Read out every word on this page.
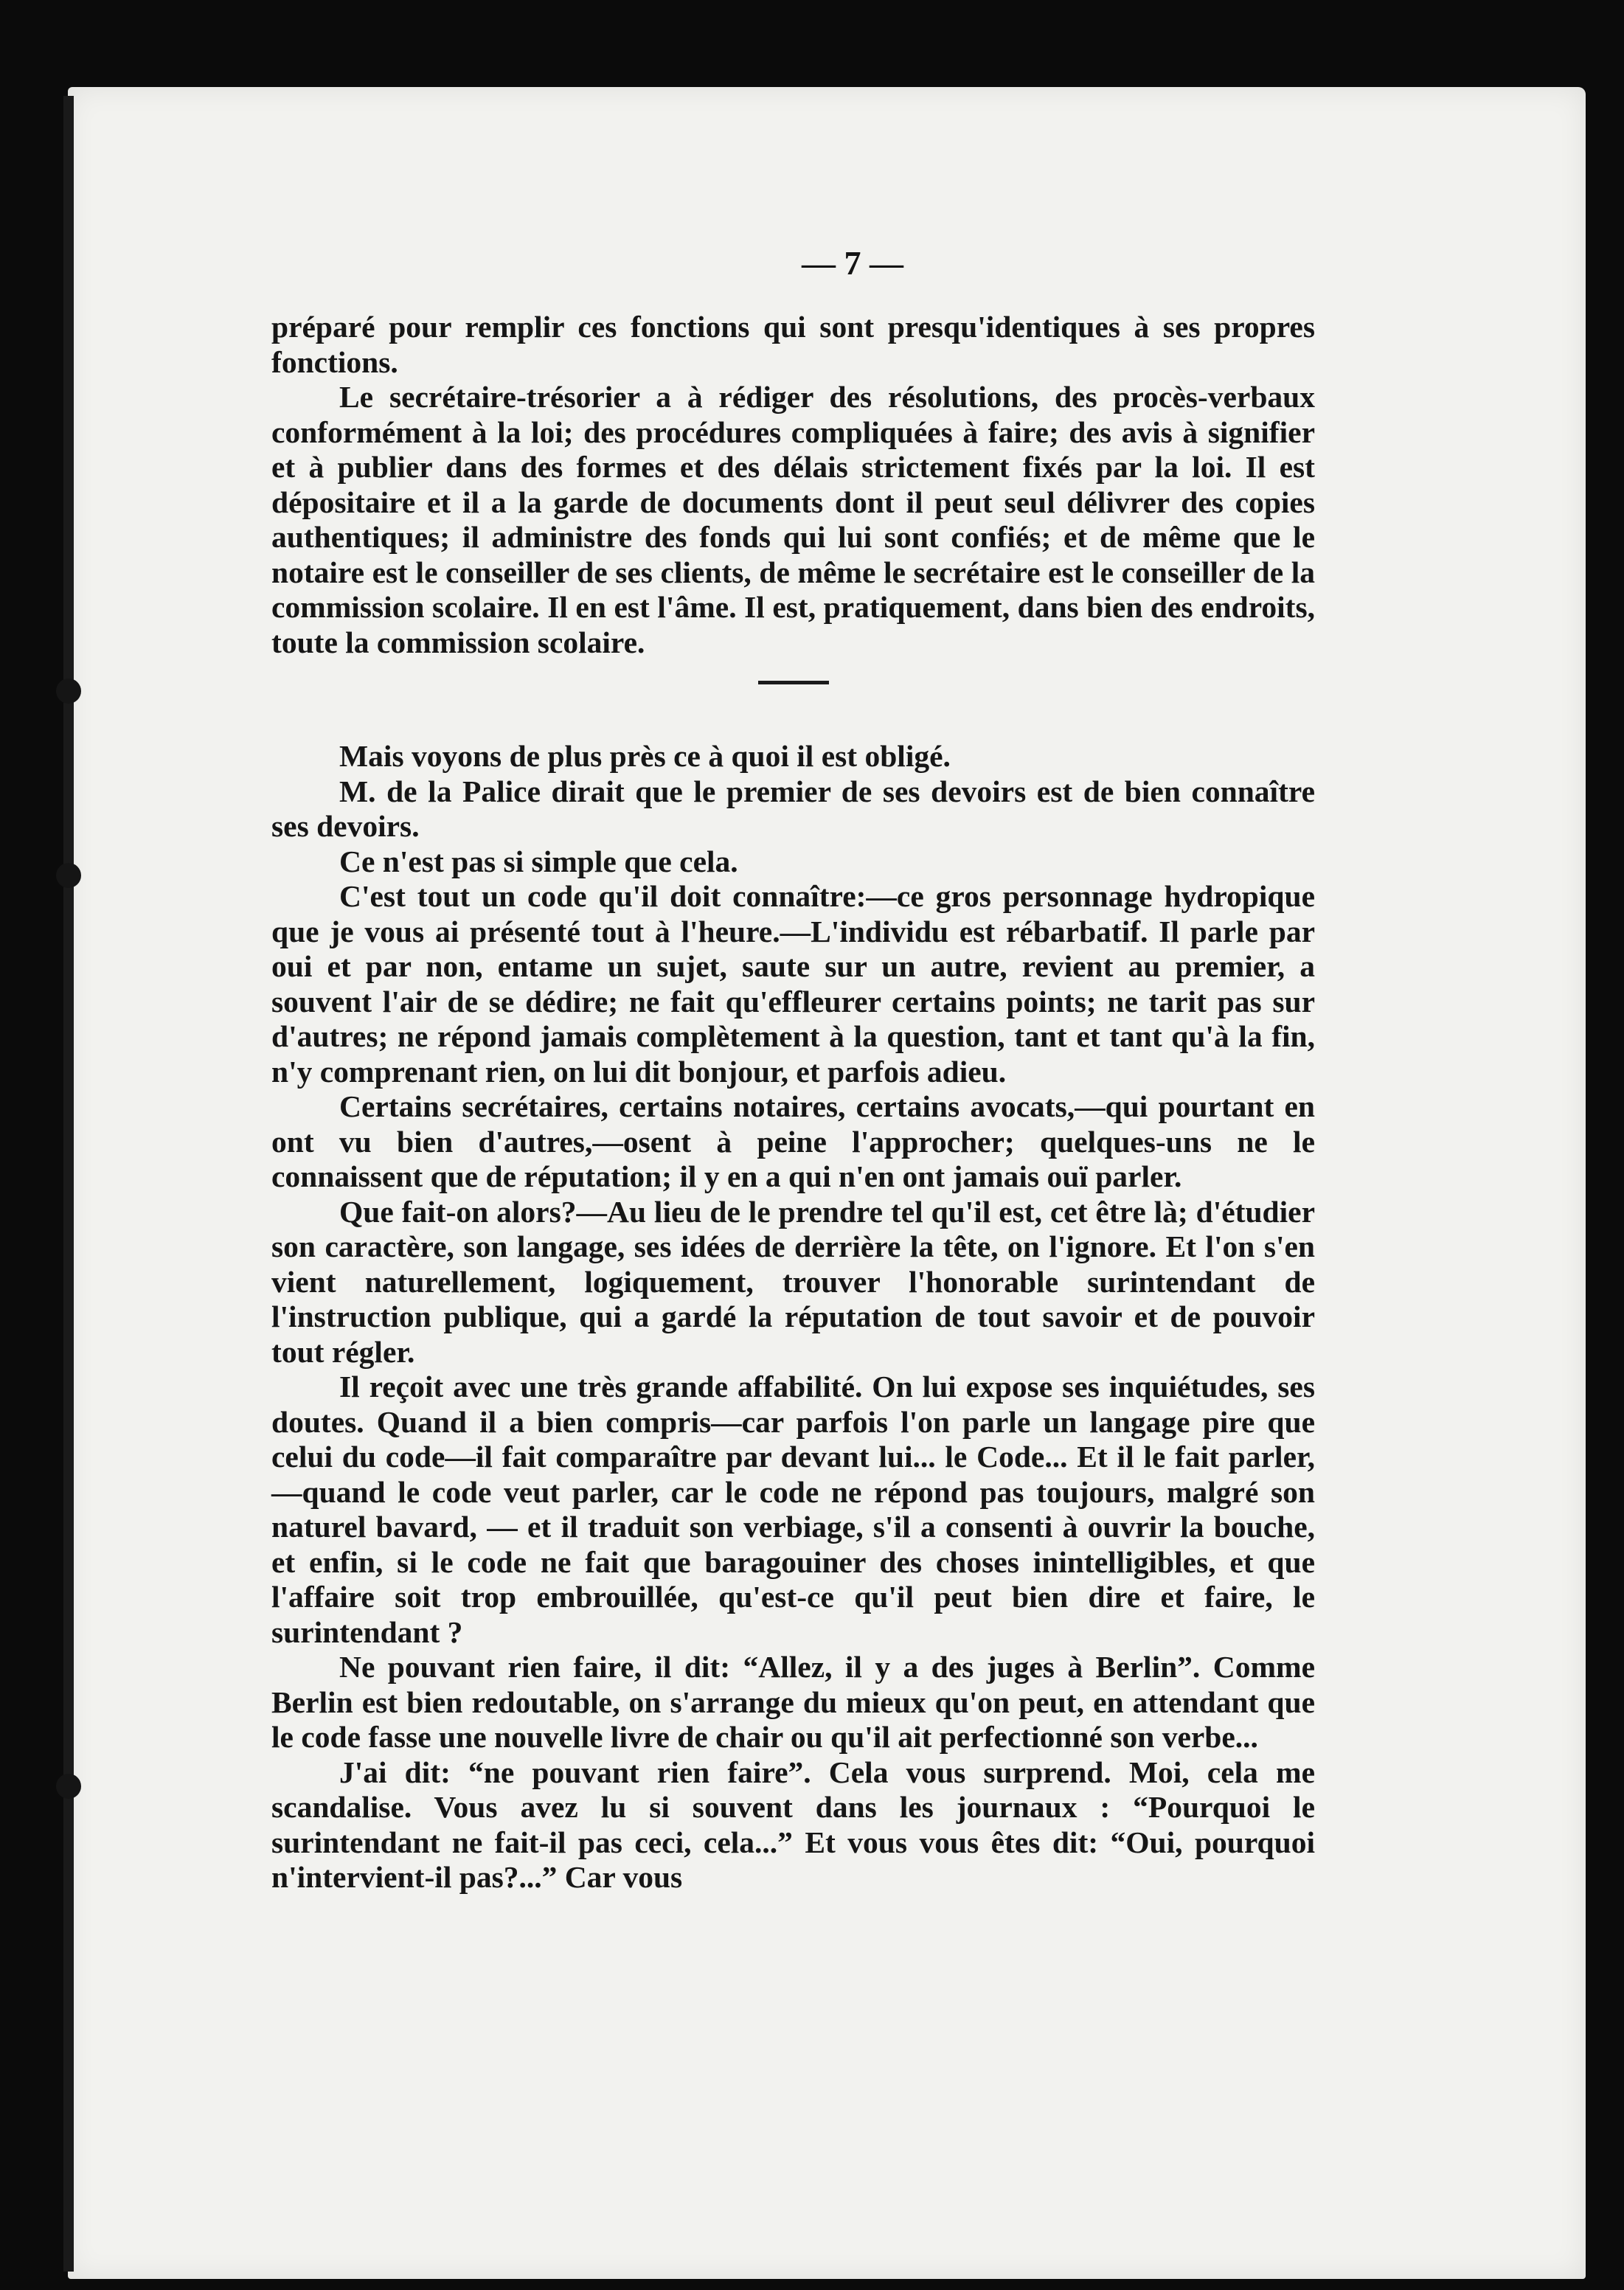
— 7 —

préparé pour remplir ces fonctions qui sont presqu'identiques à ses propres fonctions.

Le secrétaire-trésorier a à rédiger des résolutions, des procès-verbaux conformément à la loi; des procédures compliquées à faire; des avis à signifier et à publier dans des formes et des délais strictement fixés par la loi. Il est dépositaire et il a la garde de documents dont il peut seul délivrer des copies authentiques; il administre des fonds qui lui sont confiés; et de même que le notaire est le conseiller de ses clients, de même le secrétaire est le conseiller de la commission scolaire. Il en est l'âme. Il est, pratiquement, dans bien des endroits, toute la commission scolaire.

Mais voyons de plus près ce à quoi il est obligé.

M. de la Palice dirait que le premier de ses devoirs est de bien connaître ses devoirs.

Ce n'est pas si simple que cela.

C'est tout un code qu'il doit connaître:—ce gros personnage hydropique que je vous ai présenté tout à l'heure.—L'individu est rébarbatif. Il parle par oui et par non, entame un sujet, saute sur un autre, revient au premier, a souvent l'air de se dédire; ne fait qu'effleurer certains points; ne tarit pas sur d'autres; ne répond jamais complètement à la question, tant et tant qu'à la fin, n'y comprenant rien, on lui dit bonjour, et parfois adieu.

Certains secrétaires, certains notaires, certains avocats,—qui pourtant en ont vu bien d'autres,—osent à peine l'approcher; quelques-uns ne le connaissent que de réputation; il y en a qui n'en ont jamais ouï parler.

Que fait-on alors?—Au lieu de le prendre tel qu'il est, cet être là; d'étudier son caractère, son langage, ses idées de derrière la tête, on l'ignore. Et l'on s'en vient naturellement, logiquement, trouver l'honorable surintendant de l'instruction publique, qui a gardé la réputation de tout savoir et de pouvoir tout régler.

Il reçoit avec une très grande affabilité. On lui expose ses inquiétudes, ses doutes. Quand il a bien compris—car parfois l'on parle un langage pire que celui du code—il fait comparaître par devant lui... le Code... Et il le fait parler,—quand le code veut parler, car le code ne répond pas toujours, malgré son naturel bavard, — et il traduit son verbiage, s'il a consenti à ouvrir la bouche, et enfin, si le code ne fait que baragouiner des choses inintelligibles, et que l'affaire soit trop embrouillée, qu'est-ce qu'il peut bien dire et faire, le surintendant ?

Ne pouvant rien faire, il dit: “Allez, il y a des juges à Berlin”. Comme Berlin est bien redoutable, on s'arrange du mieux qu'on peut, en attendant que le code fasse une nouvelle livre de chair ou qu'il ait perfectionné son verbe...

J'ai dit: “ne pouvant rien faire”. Cela vous surprend. Moi, cela me scandalise. Vous avez lu si souvent dans les journaux : “Pourquoi le surintendant ne fait-il pas ceci, cela...” Et vous vous êtes dit: “Oui, pourquoi n'intervient-il pas?...” Car vous
